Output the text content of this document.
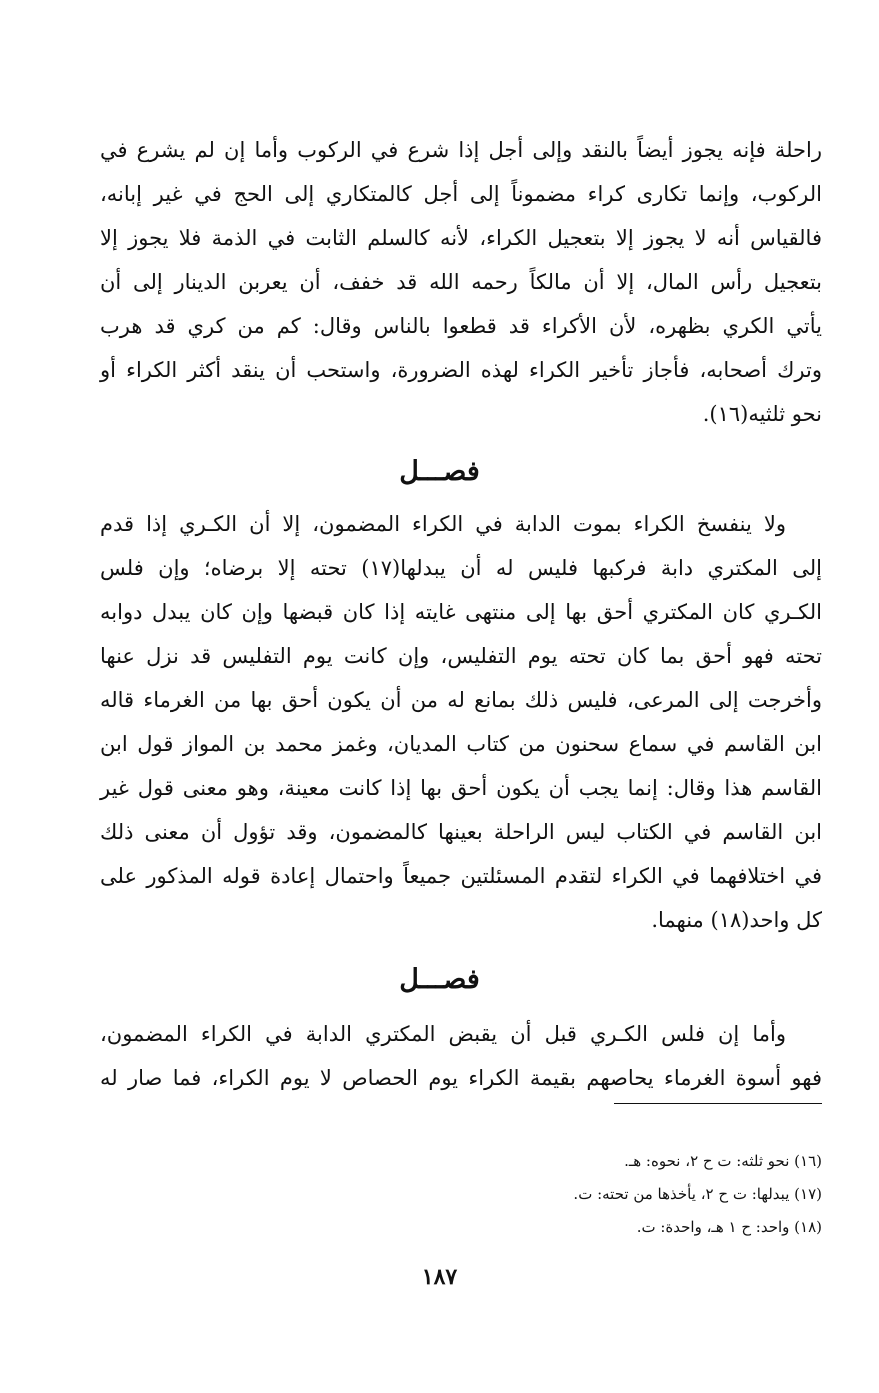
راحلة فإنه يجوز أيضاً بالنقد وإلى أجل إذا شرع في الركوب وأما إن لم يشرع في
الركوب، وإنما تكارى كراء مضموناً إلى أجل كالمتكاري إلى الحج في غير إبانه،
فالقياس أنه لا يجوز إلا بتعجيل الكراء، لأنه كالسلم الثابت في الذمة فلا يجوز إلا
بتعجيل رأس المال، إلا أن مالكاً رحمه الله قد خفف، أن يعربن الدينار إلى أن
يأتي الكري بظهره، لأن الأكراء قد قطعوا بالناس وقال: كم من كري قد هرب
وترك أصحابه، فأجاز تأخير الكراء لهذه الضرورة، واستحب أن ينقد أكثر الكراء أو
نحو ثلثيه(١٦).
فصـــل
ولا ينفسخ الكراء بموت الدابة في الكراء المضمون، إلا أن الكـري إذا قدم
إلى المكتري دابة فركبها فليس له أن يبدلها(١٧) تحته إلا برضاه؛ وإن فلس
الكـري كان المكتري أحق بها إلى منتهى غايته إذا كان قبضها وإن كان يبدل دوابه
تحته فهو أحق بما كان تحته يوم التفليس، وإن كانت يوم التفليس قد نزل عنها
وأخرجت إلى المرعى، فليس ذلك بمانع له من أن يكون أحق بها من الغرماء قاله
ابن القاسم في سماع سحنون من كتاب المديان، وغمز محمد بن المواز قول ابن
القاسم هذا وقال: إنما يجب أن يكون أحق بها إذا كانت معينة، وهو معنى قول غير
ابن القاسم في الكتاب ليس الراحلة بعينها كالمضمون، وقد تؤول أن معنى ذلك
في اختلافهما في الكراء لتقدم المسئلتين جميعاً واحتمال إعادة قوله المذكور على
كل واحد(١٨) منهما.
فصـــل
وأما إن فلس الكـري قبل أن يقبض المكتري الدابة في الكراء المضمون،
فهو أسوة الغرماء يحاصهم بقيمة الكراء يوم الحصاص لا يوم الكراء، فما صار له
(١٦) نحو ثلثه: ت ح ٢، نحوه: هـ.
(١٧) يبدلها: ت ح ٢، يأخذها من تحته: ت.
(١٨) واحد: ح ١ هـ، واحدة: ت.
١٨٧
